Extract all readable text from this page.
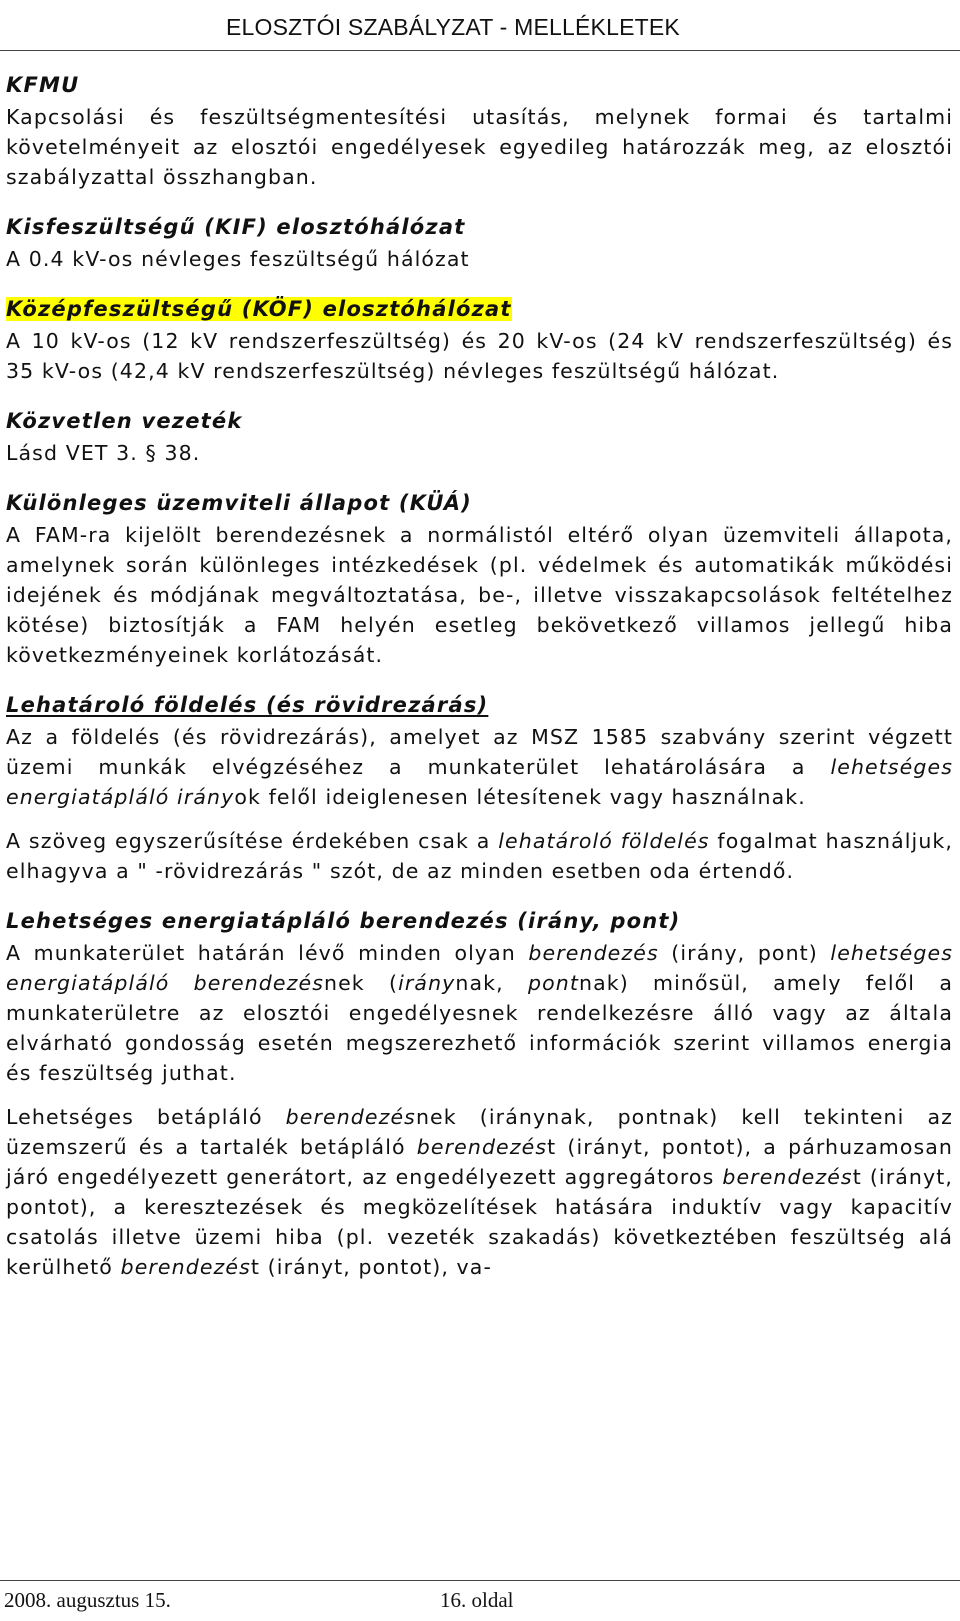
ELOSZTÓI SZABÁLYZAT - MELLÉKLETEK

KFMU

Kapcsolási és feszültségmentesítési utasítás, melynek formai és tartalmi követelményeit az elosztói engedélyesek egyedileg határozzák meg, az elosztói szabályzattal összhangban.

Kisfeszültségű (KIF) elosztóhálózat

A 0.4 kV-os névleges feszültségű hálózat

Középfeszültségű (KÖF) elosztóhálózat

A 10 kV-os (12 kV rendszerfeszültség) és 20 kV-os (24 kV rendszerfeszültség) és 35 kV-os (42,4 kV rendszerfeszültség) névleges feszültségű hálózat.

Közvetlen vezeték

Lásd VET 3. § 38.

Különleges üzemviteli állapot (KÜÁ)

A FAM-ra kijelölt berendezésnek a normálistól eltérő olyan üzemviteli állapota, amelynek során különleges intézkedések (pl. védelmek és automatikák működési idejének és módjának megváltoztatása, be-, illetve visszakapcsolások feltételhez kötése) biztosítják a FAM helyén esetleg bekövetkező villamos jellegű hiba következményeinek korlátozását.

Lehatároló földelés (és rövidrezárás)

Az a földelés (és rövidrezárás), amelyet az MSZ 1585 szabvány szerint végzett üzemi munkák elvégzéséhez a munkaterület lehatárolására a lehetséges energiatápláló irányok felől ideiglenesen létesítenek vagy használnak.

A szöveg egyszerűsítése érdekében csak a lehatároló földelés fogalmat használjuk, elhagyva a " -rövidrezárás " szót, de az minden esetben oda értendő.

Lehetséges energiatápláló berendezés (irány, pont)

A munkaterület határán lévő minden olyan berendezés (irány, pont) lehetséges energiatápláló berendezésnek (iránynak, pontnak) minősül, amely felől a munkaterületre az elosztói engedélyesnek rendelkezésre álló vagy az általa elvárható gondosság esetén megszerezhető információk szerint villamos energia és feszültség juthat.

Lehetséges betápláló berendezésnek (iránynak, pontnak) kell tekinteni az üzemszerű és a tartalék betápláló berendezést (irányt, pontot), a párhuzamosan járó engedélyezett generátort, az engedélyezett aggregátoros berendezést (irányt, pontot), a keresztezések és megközelítések hatására induktív vagy kapacitív csatolás illetve üzemi hiba (pl. vezeték szakadás) következtében feszültség alá kerülhető berendezést (irányt, pontot), va-

2008. augusztus 15.	16. oldal
